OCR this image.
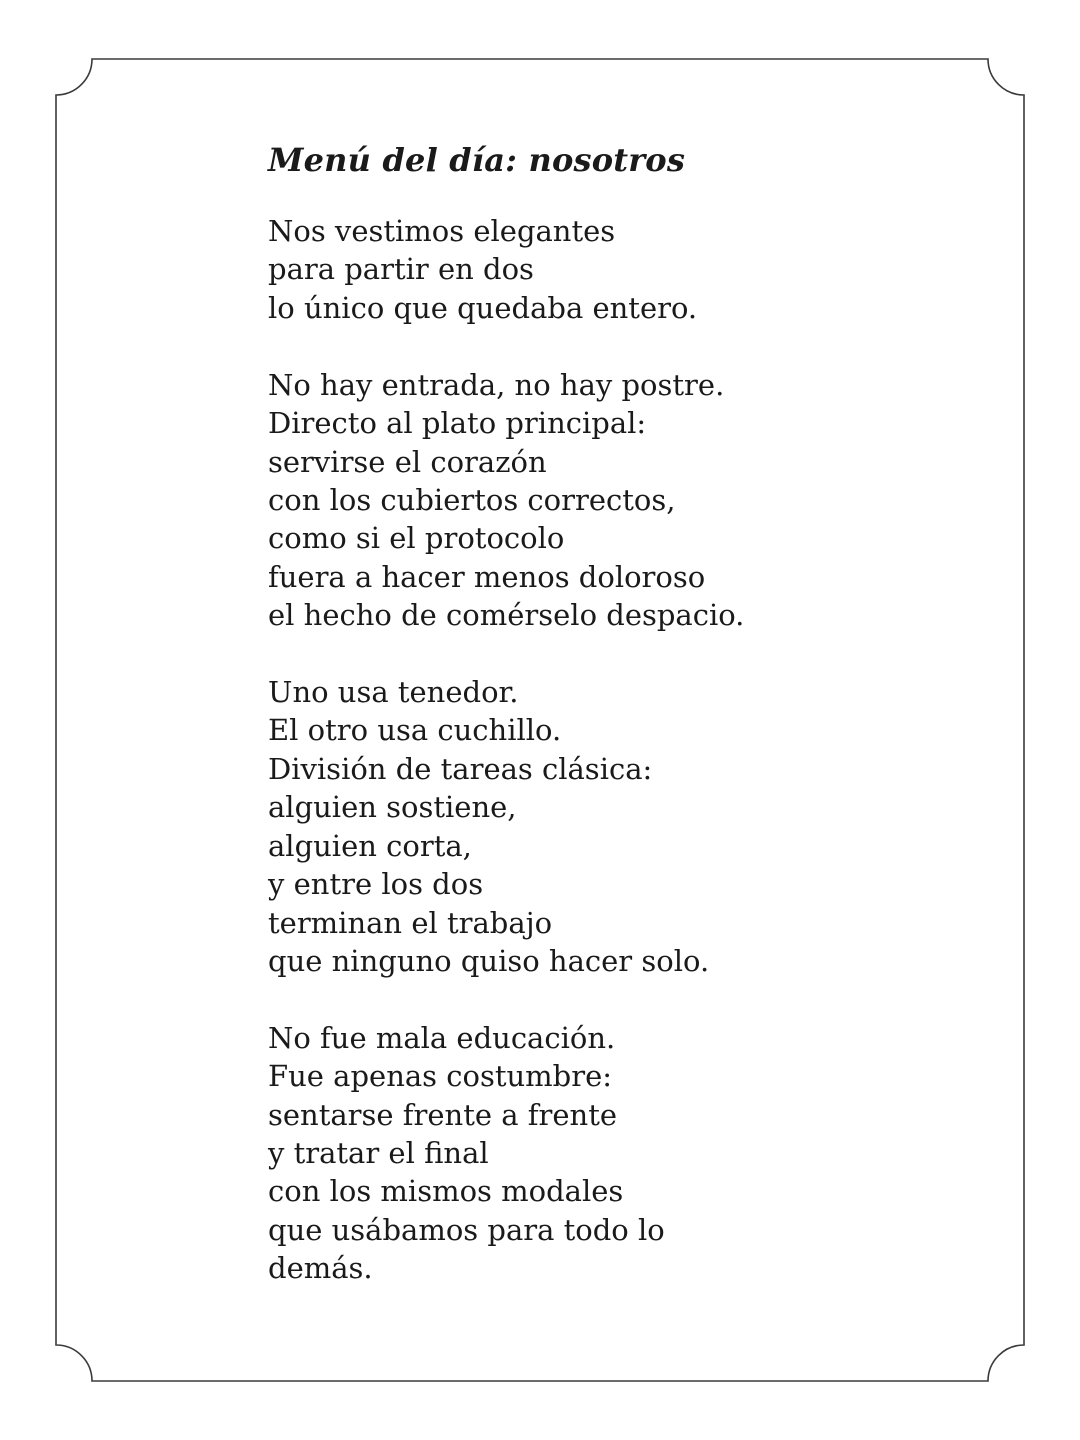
Menú del día: nosotros

Nos vestimos elegantes
para partir en dos
lo único que quedaba entero.

No hay entrada, no hay postre.
Directo al plato principal:
servirse el corazón
con los cubiertos correctos,
como si el protocolo
fuera a hacer menos doloroso
el hecho de comérselo despacio.

Uno usa tenedor.
El otro usa cuchillo.
División de tareas clásica:
alguien sostiene,
alguien corta,
y entre los dos
terminan el trabajo
que ninguno quiso hacer solo.

No fue mala educación.
Fue apenas costumbre:
sentarse frente a frente
y tratar el final
con los mismos modales
que usábamos para todo lo
demás.
